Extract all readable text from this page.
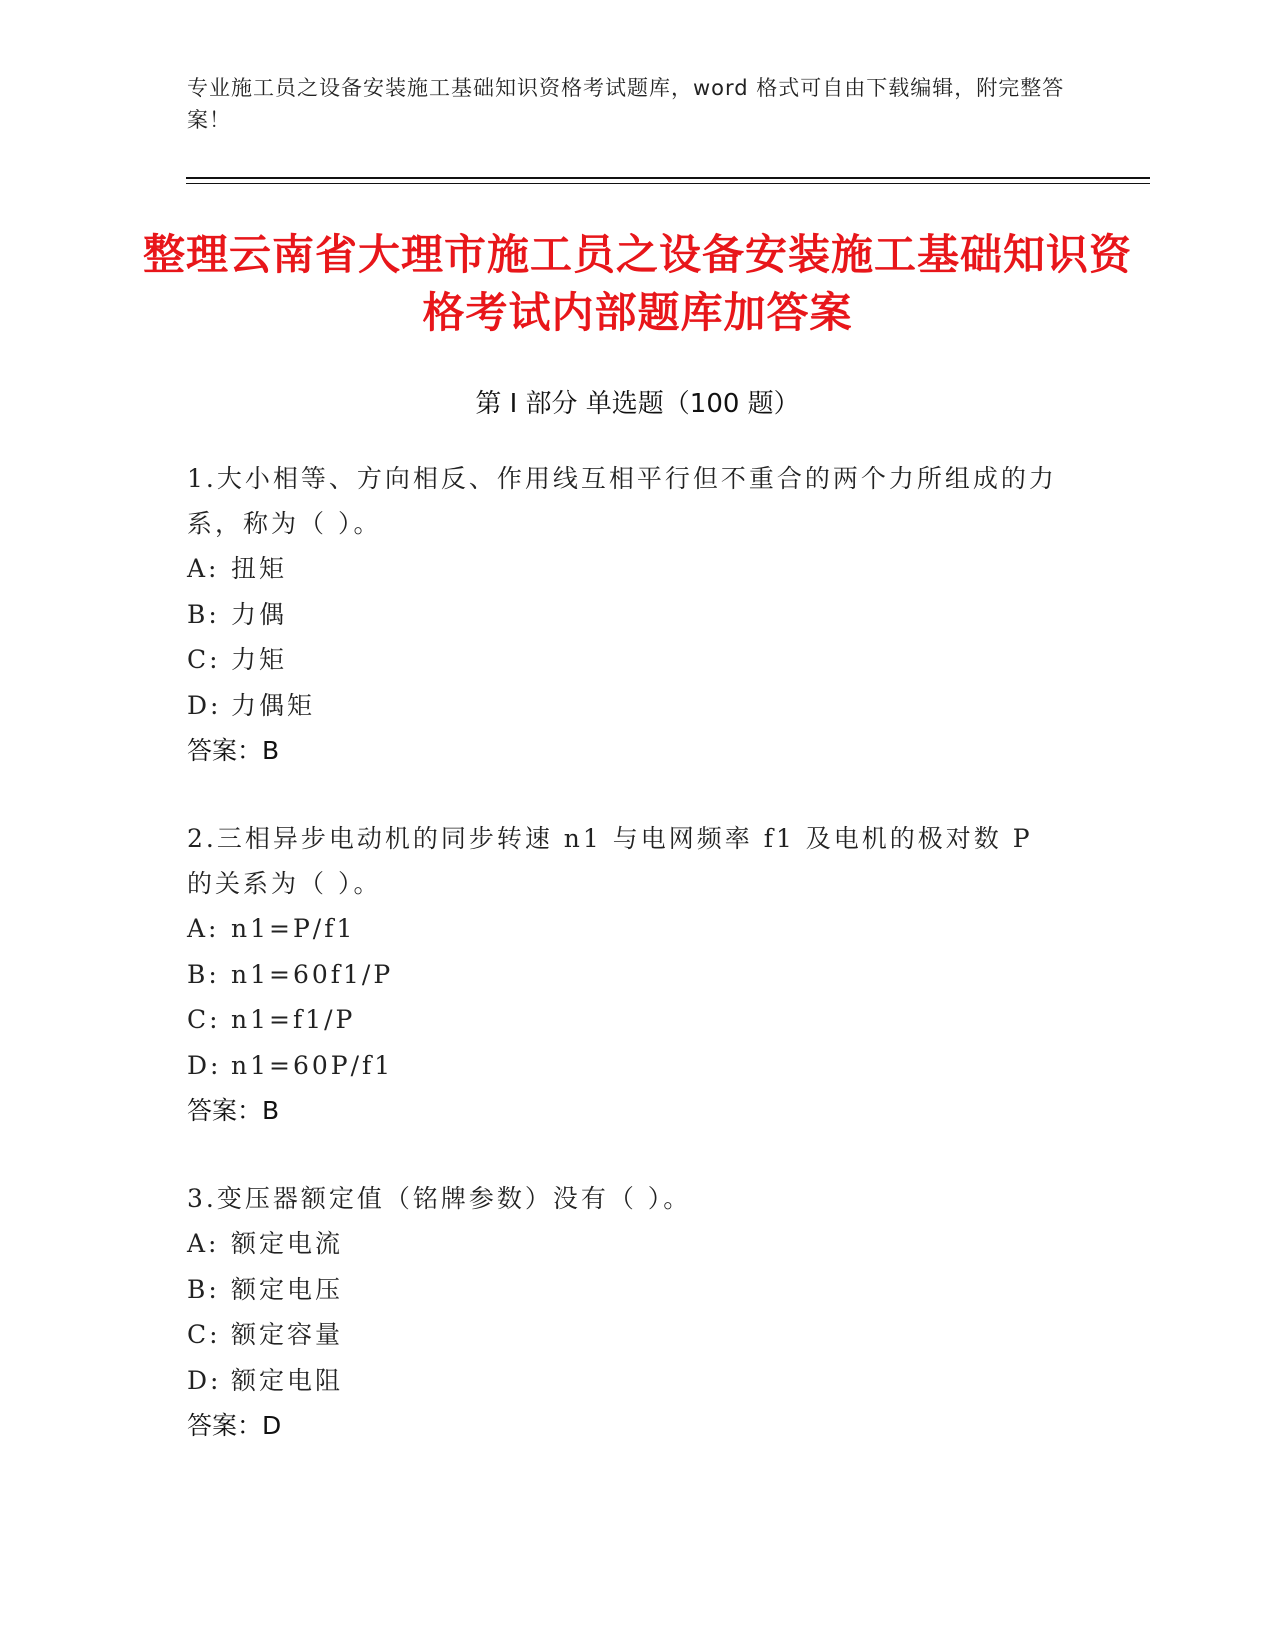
专业施工员之设备安装施工基础知识资格考试题库，word 格式可自由下载编辑，附完整答案！
整理云南省大理市施工员之设备安装施工基础知识资格考试内部题库加答案
第 I 部分 单选题（100 题）
1.大小相等、方向相反、作用线互相平行但不重合的两个力所组成的力系，称为（ ）。
A: 扭矩
B: 力偶
C: 力矩
D: 力偶矩
答案：B
2.三相异步电动机的同步转速 n1 与电网频率 f1 及电机的极对数 P 的关系为（ ）。
A: n1=P/f1
B: n1=60f1/P
C: n1=f1/P
D: n1=60P/f1
答案：B
3.变压器额定值（铭牌参数）没有（ ）。
A: 额定电流
B: 额定电压
C: 额定容量
D: 额定电阻
答案：D
